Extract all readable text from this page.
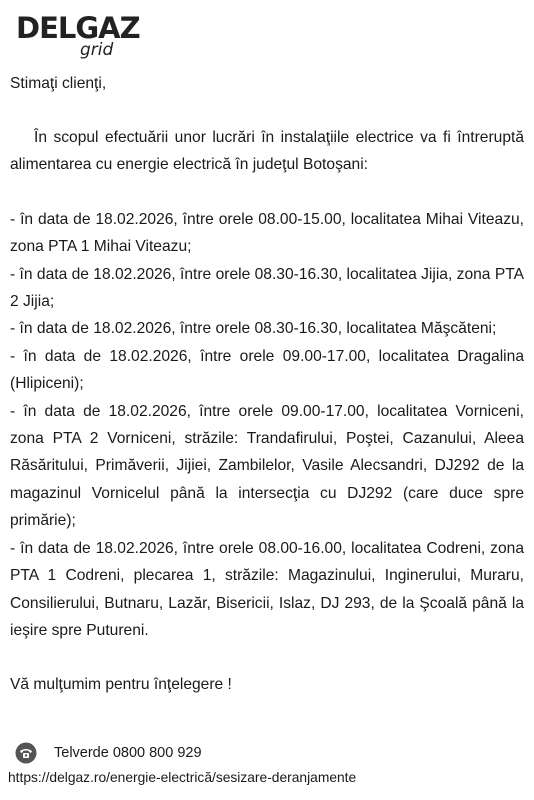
DELGAZ
grid

Stimaţi clienţi,

În scopul efectuării unor lucrări în instalaţiile electrice va fi întreruptă alimentarea cu energie electrică în judeţul Botoşani:

- în data de 18.02.2026, între orele 08.00-15.00, localitatea Mihai Viteazu, zona PTA 1 Mihai Viteazu;

- în data de 18.02.2026, între orele 08.30-16.30, localitatea Jijia, zona PTA 2 Jijia;

- în data de 18.02.2026, între orele 08.30-16.30, localitatea Măşcăteni;

- în data de 18.02.2026, între orele 09.00-17.00, localitatea Dragalina (Hlipiceni);

- în data de 18.02.2026, între orele 09.00-17.00, localitatea Vorniceni, zona PTA 2 Vorniceni, străzile: Trandafirului, Poştei, Cazanului, Aleea Răsăritului, Primăverii, Jijiei, Zambilelor, Vasile Alecsandri, DJ292 de la magazinul Vornicelul până la intersecţia cu DJ292 (care duce spre primărie);

- în data de 18.02.2026, între orele 08.00-16.00, localitatea Codreni, zona PTA 1 Codreni, plecarea 1, străzile: Magazinului, Inginerului, Muraru, Consilierului, Butnaru, Lazăr, Bisericii, Islaz, DJ 293, de la Şcoală până la ieşire spre Putureni.

Vă mulţumim pentru înţelegere !

Telverde 0800 800 929
https://delgaz.ro/energie-electrică/sesizare-deranjamente
